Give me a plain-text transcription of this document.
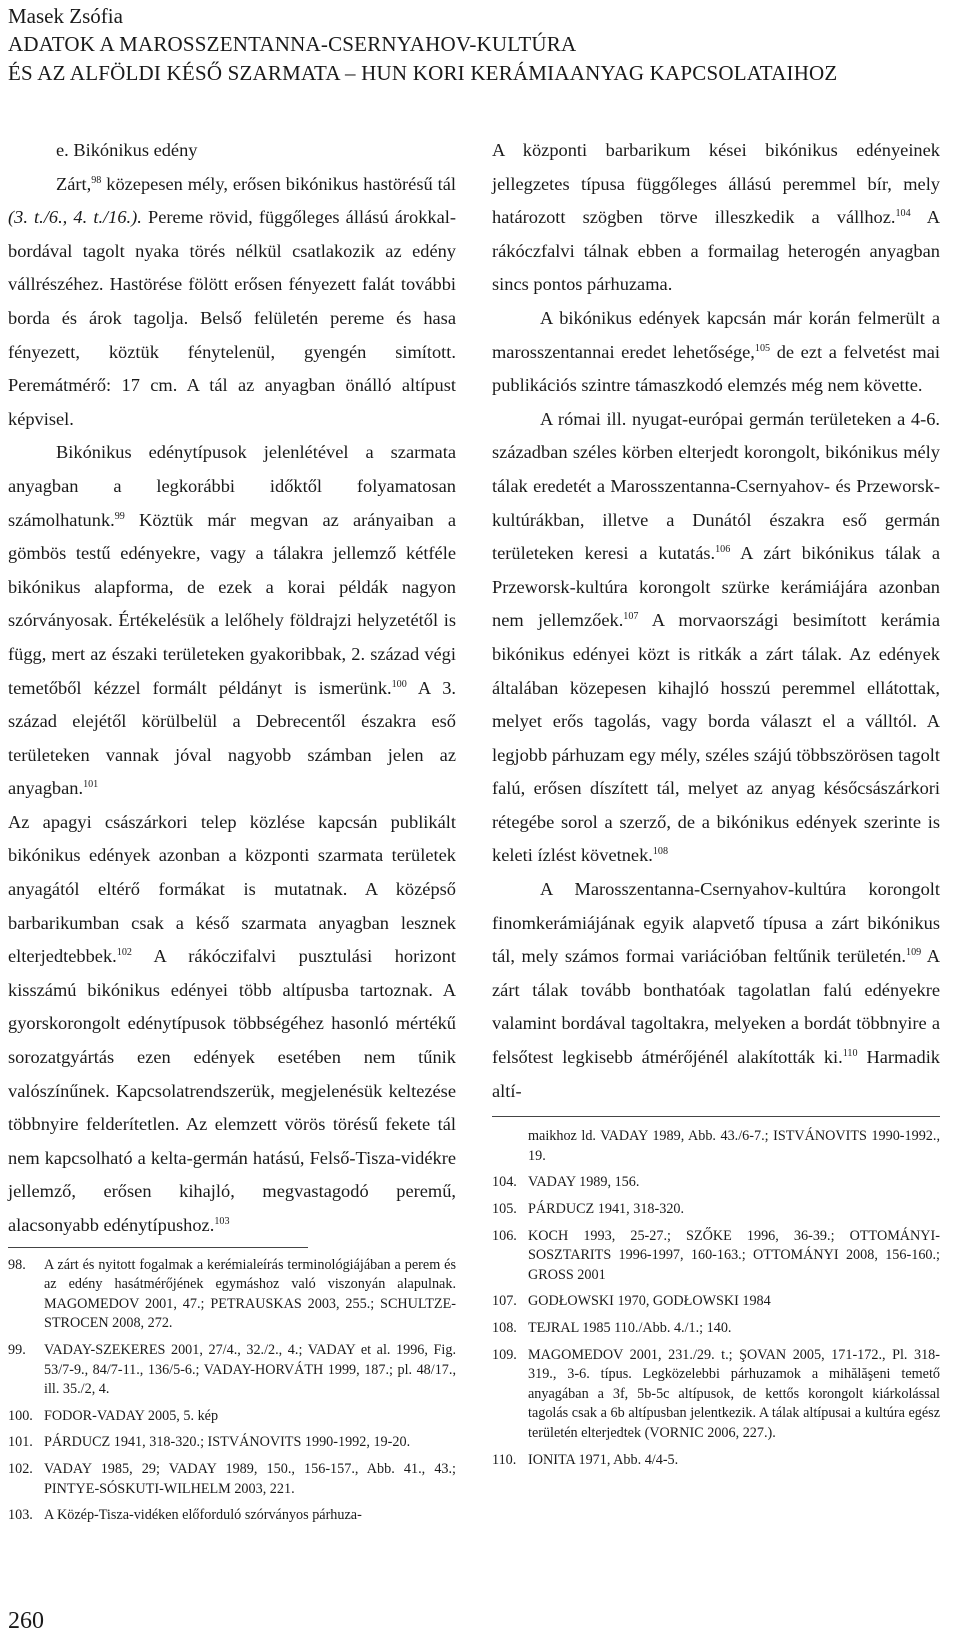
Masek Zsófia
ADATOK A MAROSSZENTANNA-CSERNYAHOV-KULTÚRA
ÉS AZ ALFÖLDI KÉSŐ SZARMATA – HUN KORI KERÁMIAANYAG KAPCSOLATAIHOZ

e. Bikónikus edény

Zárt,$^{98}$ közepesen mély, erősen bikónikus hastörésű tál (3. t./6., 4. t./16.). Pereme rövid, függőleges állású árokkal-bordával tagolt nyaka törés nélkül csatlakozik az edény vállrészéhez. Hastörése fölött erősen fényezett falát további borda és árok tagolja. Belső felületén pereme és hasa fényezett, köztük fénytelenül, gyengén simított. Peremátmérő: 17 cm. A tál az anyagban önálló altípust képvisel.

Bikónikus edénytípusok jelenlétével a szarmata anyagban a legkorábbi időktől folyamatosan számolhatunk.$^{99}$ Köztük már megvan az arányaiban a gömbös testű edényekre, vagy a tálakra jellemző kétféle bikónikus alapforma, de ezek a korai példák nagyon szórványosak. Értékelésük a lelőhely földrajzi helyzetétől is függ, mert az északi területeken gyakoribbak, 2. század végi temetőből kézzel formált példányt is ismerünk.$^{100}$ A 3. század elejétől körülbelül a Debrecentől északra eső területeken vannak jóval nagyobb számban jelen az anyagban.$^{101}$

Az apagyi császárkori telep közlése kapcsán publikált bikónikus edények azonban a központi szarmata területek anyagától eltérő formákat is mutatnak. A középső barbarikumban csak a késő szarmata anyagban lesznek elterjedtebbek.$^{102}$ A rákóczifalvi pusztulási horizont kisszámú bikónikus edényei több altípusba tartoznak. A gyorskorongolt edénytípusok többségéhez hasonló mértékű sorozatgyártás ezen edények esetében nem tűnik valószínűnek. Kapcsolatrendszerük, megjelenésük keltezése többnyire felderítetlen. Az elemzett vörös törésű fekete tál nem kapcsolható a kelta-germán hatású, Felső-Tisza-vidékre jellemző, erősen kihajló, megvastagodó peremű, alacsonyabb edénytípushoz.$^{103}$

98.	A zárt és nyitott fogalmak a kerémialeírás terminológiájában a perem és az edény hasátmérőjének egymáshoz való viszonyán alapulnak. MAGOMEDOV 2001, 47.; PETRAUSKAS 2003, 255.; SCHULTZE-STROCEN 2008, 272.
99.	VADAY-SZEKERES 2001, 27/4., 32./2., 4.; VADAY et al. 1996, Fig. 53/7-9., 84/7-11., 136/5-6.; VADAY-HORVÁTH 1999, 187.; pl. 48/17., ill. 35./2, 4.
100. FODOR-VADAY 2005, 5. kép
101. PÁRDUCZ 1941, 318-320.; ISTVÁNOVITS 1990-1992, 19-20.
102. VADAY 1985, 29; VADAY 1989, 150., 156-157., Abb. 41., 43.; PINTYE-SÓSKUTI-WILHELM 2003, 221.
103. A Közép-Tisza-vidéken előforduló szórványos párhuza-

A központi barbarikum kései bikónikus edényeinek jellegzetes típusa függőleges állású peremmel bír, mely határozott szögben törve illeszkedik a vállhoz.$^{104}$ A rákóczfalvi tálnak ebben a formailag heterogén anyagban sincs pontos párhuzama.

A bikónikus edények kapcsán már korán felmerült a marosszentannai eredet lehetősége,$^{105}$ de ezt a felvetést mai publikációs szintre támaszkodó elemzés még nem követte.

A római ill. nyugat-európai germán területeken a 4-6. században széles körben elterjedt korongolt, bikónikus mély tálak eredetét a Marosszentanna-Csernyahov- és Przeworsk-kultúrákban, illetve a Dunától északra eső germán területeken keresi a kutatás.$^{106}$ A zárt bikónikus tálak a Przeworsk-kultúra korongolt szürke kerámiájára azonban nem jellemzőek.$^{107}$ A morvaországi besimított kerámia bikónikus edényei közt is ritkák a zárt tálak. Az edények általában közepesen kihajló hosszú peremmel ellátottak, melyet erős tagolás, vagy borda választ el a válltól. A legjobb párhuzam egy mély, széles szájú többszörösen tagolt falú, erősen díszített tál, melyet az anyag későcsászárkori rétegébe sorol a szerző, de a bikónikus edények szerinte is keleti ízlést követnek.$^{108}$

A Marosszentanna-Csernyahov-kultúra korongolt finomkerámiájának egyik alapvető típusa a zárt bikónikus tál, mely számos formai variációban feltűnik területén.$^{109}$ A zárt tálak tovább bonthatóak tagolatlan falú edényekre valamint bordával tagoltakra, melyeken a bordát többnyire a felsőtest legkisebb átmérőjénél alakították ki.$^{110}$ Harmadik altí-

maikhoz ld. VADAY 1989, Abb. 43./6-7.; ISTVÁNOVITS 1990-1992., 19.
104. VADAY 1989, 156.
105. PÁRDUCZ 1941, 318-320.
106. KOCH 1993, 25-27.; SZŐKE 1996, 36-39.; OTTOMÁNYI-SOSZTARITS 1996-1997, 160-163.; OTTOMÁNYI 2008, 156-160.; GROSS 2001
107. GODŁOWSKI 1970, GODŁOWSKI 1984
108. TEJRAL 1985 110./Abb. 4./1.; 140.
109. MAGOMEDOV 2001, 231./29. t.; ŞOVAN 2005, 171-172., Pl. 318-319., 3-6. típus. Legközelebbi párhuzamok a mihălăşeni temető anyagában a 3f, 5b-5c altípusok, de kettős korongolt kiárkolással tagolás csak a 6b altípusban jelentkezik. A tálak altípusai a kultúra egész területén elterjedtek (VORNIC 2006, 227.).
110. IONITA 1971, Abb. 4/4-5.
260
